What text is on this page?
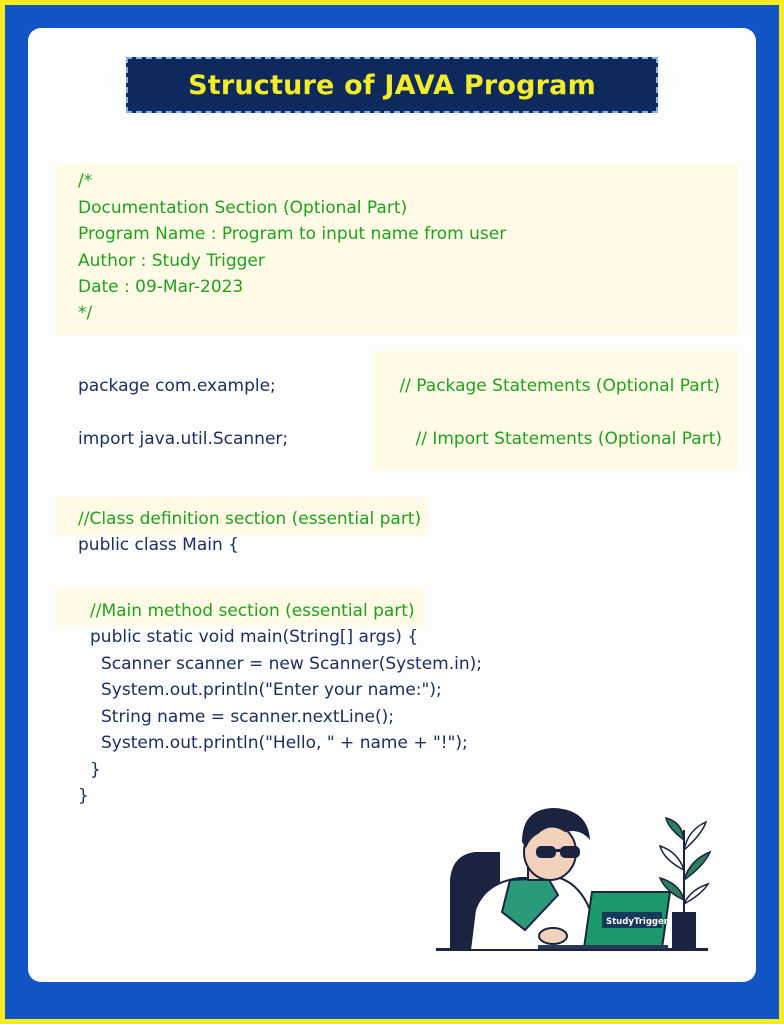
Structure of JAVA Program
/*
Documentation Section (Optional Part)
Program Name : Program to input name from user
Author : Study Trigger
Date : 09-Mar-2023
*/
package com.example;	// Package Statements (Optional Part)
import java.util.Scanner;	// Import Statements (Optional Part)
//Class definition section (essential part)
public class Main {
//Main method section (essential part)
public static void main(String[] args) {
Scanner scanner = new Scanner(System.in);
System.out.println("Enter your name:");
String name = scanner.nextLine();
System.out.println("Hello, " + name + "!");
}
}
StudyTrigger
